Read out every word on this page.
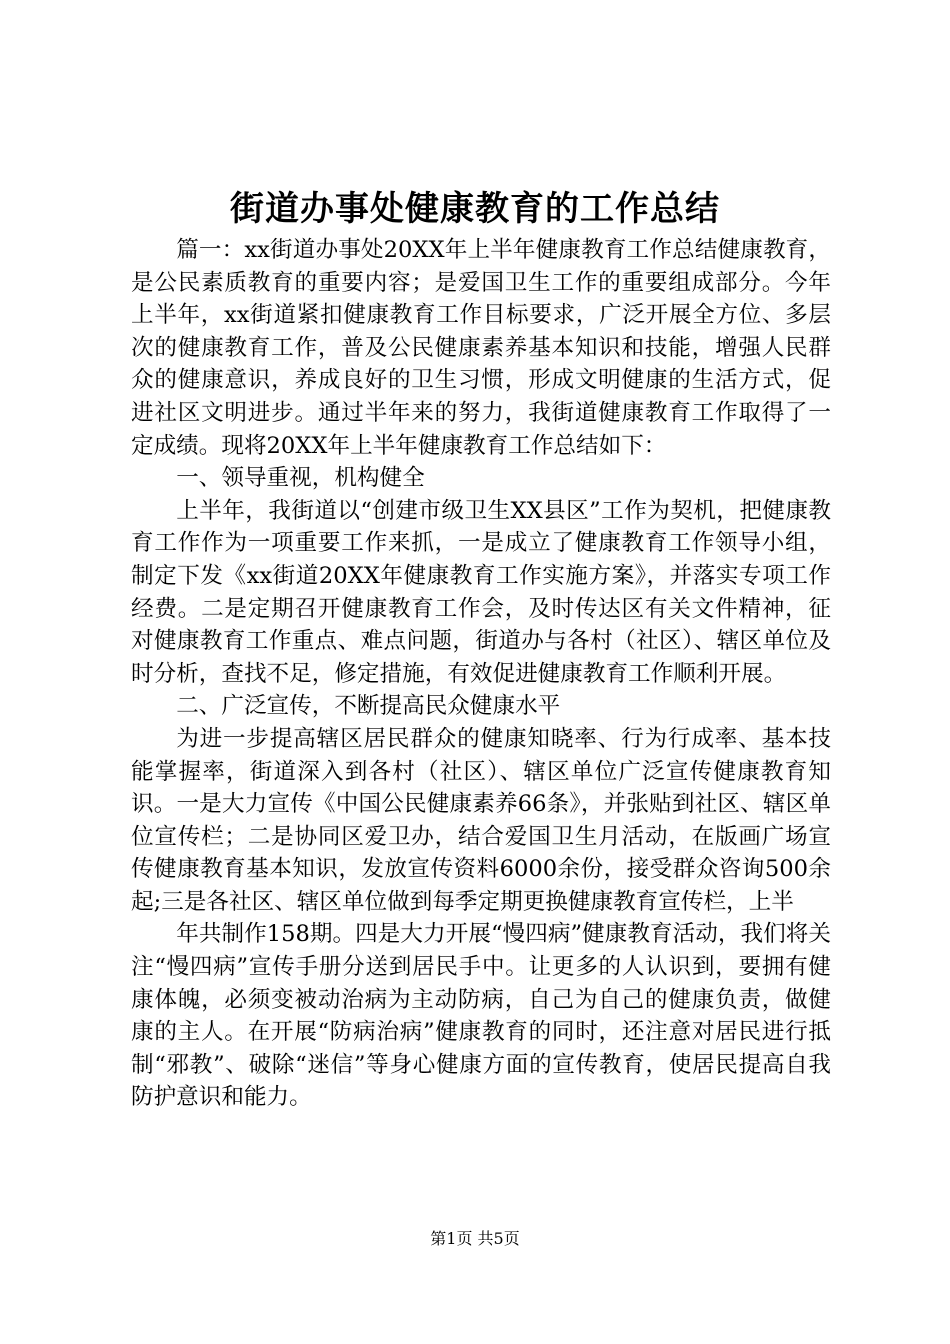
街道办事处健康教育的工作总结

篇一：xx街道办事处20XX年上半年健康教育工作总结健康教育，是公民素质教育的重要内容；是爱国卫生工作的重要组成部分。今年上半年，xx街道紧扣健康教育工作目标要求，广泛开展全方位、多层次的健康教育工作，普及公民健康素养基本知识和技能，增强人民群众的健康意识，养成良好的卫生习惯，形成文明健康的生活方式，促进社区文明进步。通过半年来的努力，我街道健康教育工作取得了一定成绩。现将20XX年上半年健康教育工作总结如下：

一、领导重视，机构健全

上半年，我街道以“创建市级卫生XX县区”工作为契机，把健康教育工作作为一项重要工作来抓，一是成立了健康教育工作领导小组，制定下发《xx街道20XX年健康教育工作实施方案》，并落实专项工作经费。二是定期召开健康教育工作会，及时传达区有关文件精神，征对健康教育工作重点、难点问题，街道办与各村（社区）、辖区单位及时分析，查找不足，修定措施，有效促进健康教育工作顺利开展。

二、广泛宣传，不断提高民众健康水平

为进一步提高辖区居民群众的健康知晓率、行为行成率、基本技能掌握率，街道深入到各村（社区）、辖区单位广泛宣传健康教育知识。一是大力宣传《中国公民健康素养66条》，并张贴到社区、辖区单位宣传栏；二是协同区爱卫办，结合爱国卫生月活动，在版画广场宣传健康教育基本知识，发放宣传资料6000余份，接受群众咨询500余起;三是各社区、辖区单位做到每季定期更换健康教育宣传栏，上半

年共制作158期。四是大力开展“慢四病”健康教育活动，我们将关注“慢四病”宣传手册分送到居民手中。让更多的人认识到，要拥有健康体魄，必须变被动治病为主动防病，自己为自己的健康负责，做健康的主人。在开展“防病治病”健康教育的同时，还注意对居民进行抵制“邪教”、破除“迷信”等身心健康方面的宣传教育，使居民提高自我防护意识和能力。

第1页 共5页
